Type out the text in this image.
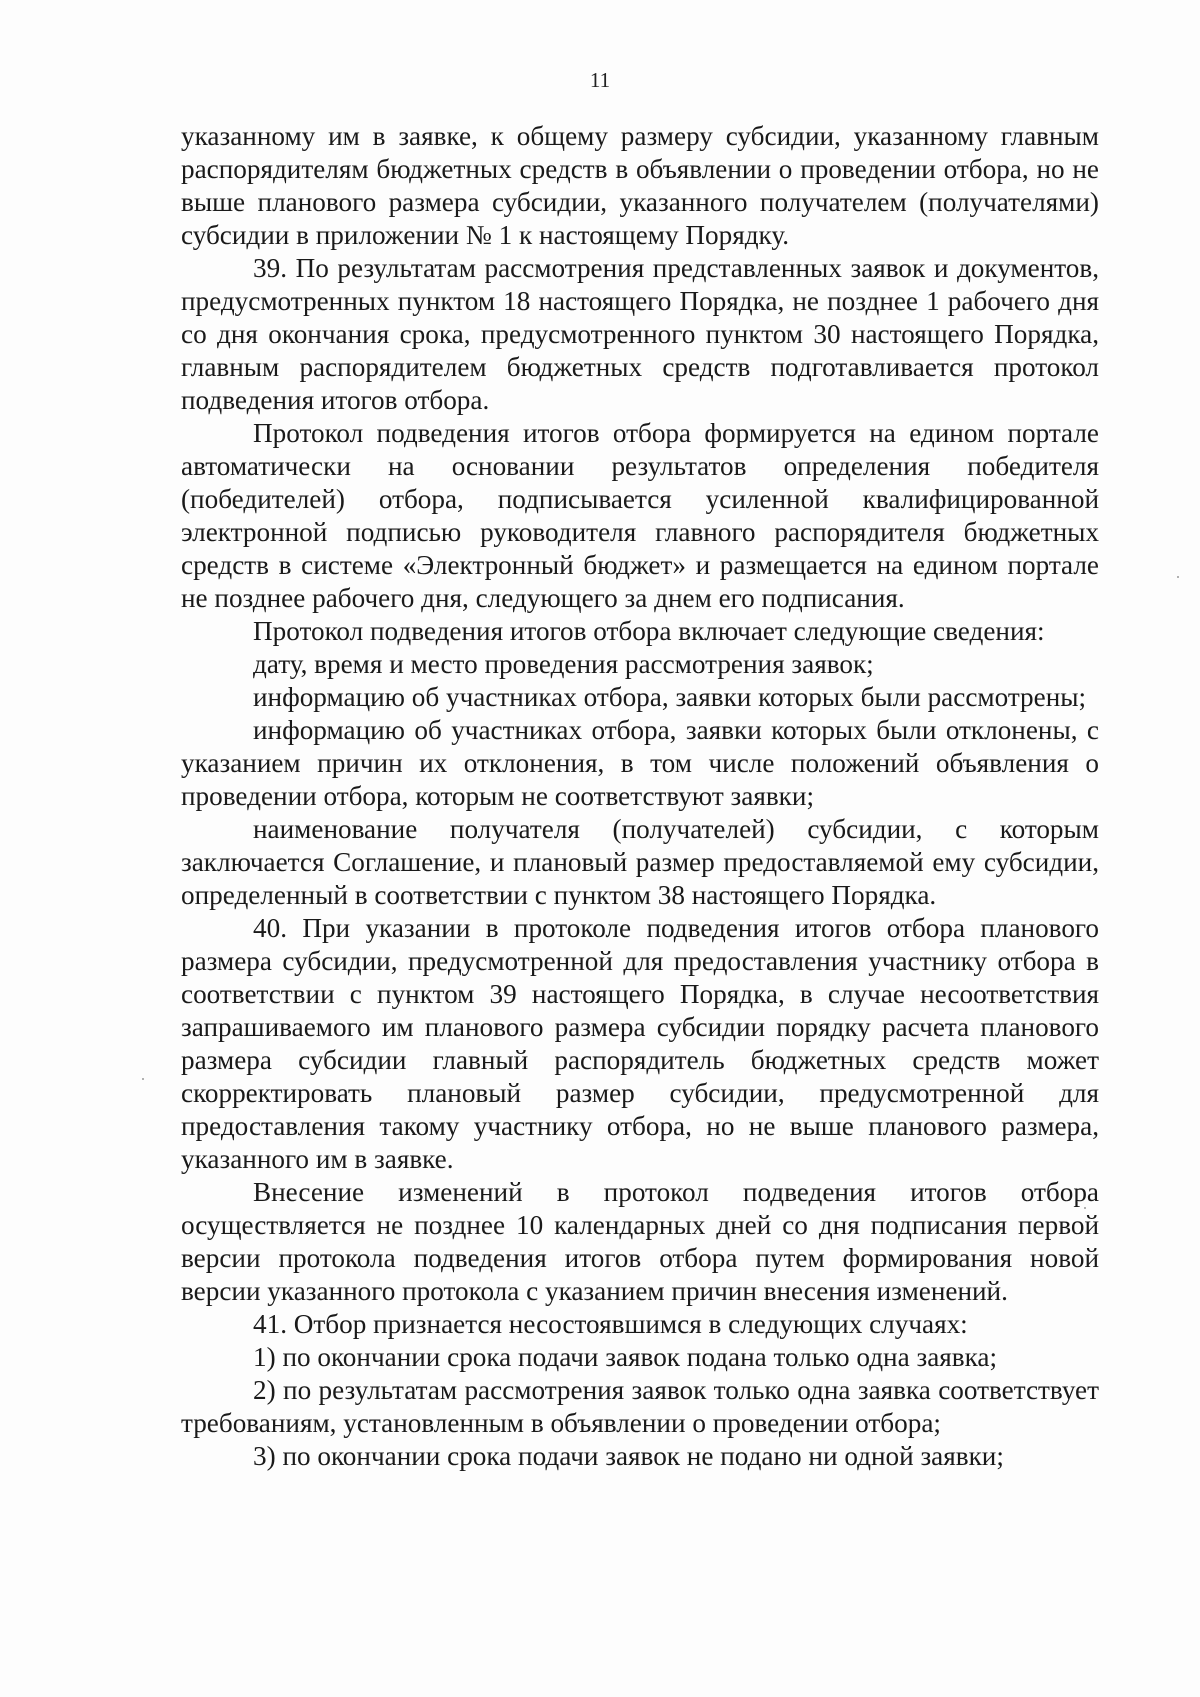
11

указанному им в заявке, к общему размеру субсидии, указанному главным распорядителям бюджетных средств в объявлении о проведении отбора, но не выше планового размера субсидии, указанного получателем (получателями) субсидии в приложении № 1 к настоящему Порядку.

39. По результатам рассмотрения представленных заявок и документов, предусмотренных пунктом 18 настоящего Порядка, не позднее 1 рабочего дня со дня окончания срока, предусмотренного пунктом 30 настоящего Порядка, главным распорядителем бюджетных средств подготавливается протокол подведения итогов отбора.

Протокол подведения итогов отбора формируется на едином портале автоматически на основании результатов определения победителя (победителей) отбора, подписывается усиленной квалифицированной электронной подписью руководителя главного распорядителя бюджетных средств в системе «Электронный бюджет» и размещается на едином портале не позднее рабочего дня, следующего за днем его подписания.

Протокол подведения итогов отбора включает следующие сведения:

дату, время и место проведения рассмотрения заявок;

информацию об участниках отбора, заявки которых были рассмотрены;

информацию об участниках отбора, заявки которых были отклонены, с указанием причин их отклонения, в том числе положений объявления о проведении отбора, которым не соответствуют заявки;

наименование получателя (получателей) субсидии, с которым заключается Соглашение, и плановый размер предоставляемой ему субсидии, определенный в соответствии с пунктом 38 настоящего Порядка.

40. При указании в протоколе подведения итогов отбора планового размера субсидии, предусмотренной для предоставления участнику отбора в соответствии с пунктом 39 настоящего Порядка, в случае несоответствия запрашиваемого им планового размера субсидии порядку расчета планового размера субсидии главный распорядитель бюджетных средств может скорректировать плановый размер субсидии, предусмотренной для предоставления такому участнику отбора, но не выше планового размера, указанного им в заявке.

Внесение изменений в протокол подведения итогов отбора осуществляется не позднее 10 календарных дней со дня подписания первой версии протокола подведения итогов отбора путем формирования новой версии указанного протокола с указанием причин внесения изменений.

41. Отбор признается несостоявшимся в следующих случаях:

1) по окончании срока подачи заявок подана только одна заявка;

2) по результатам рассмотрения заявок только одна заявка соответствует требованиям, установленным в объявлении о проведении отбора;

3) по окончании срока подачи заявок не подано ни одной заявки;
